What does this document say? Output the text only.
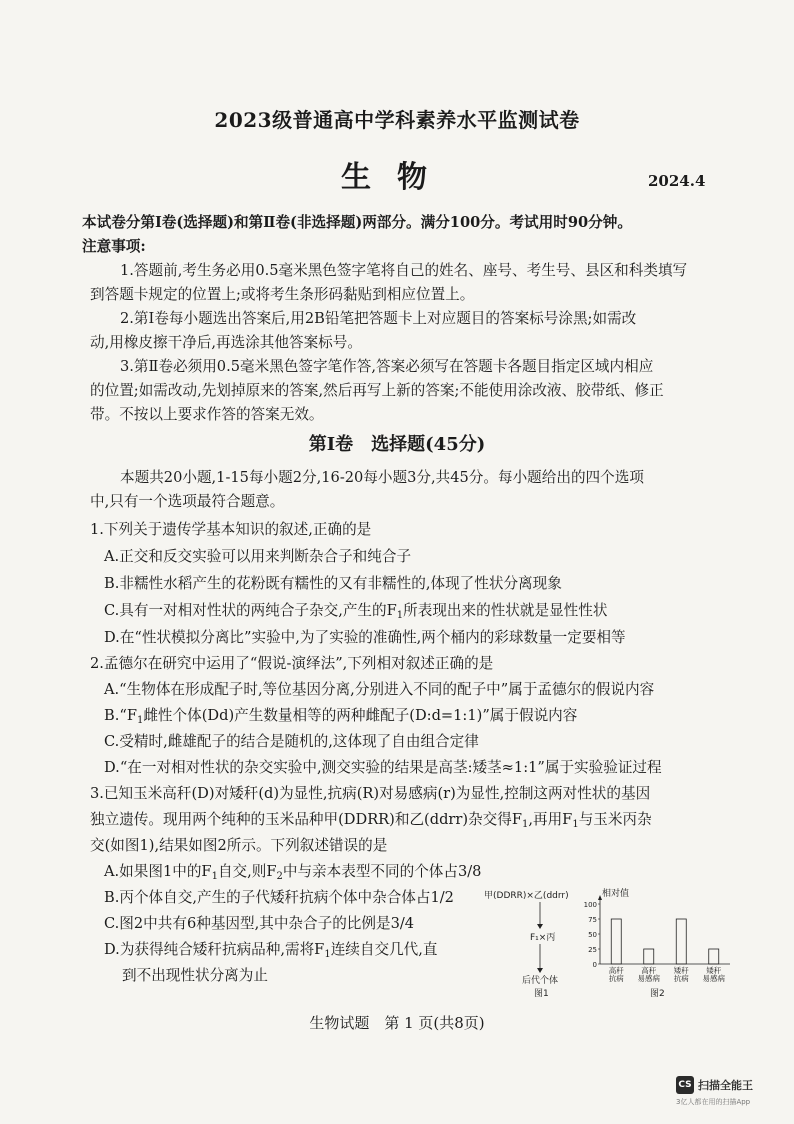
2023级普通高中学科素养水平监测试卷
生物	2024.4
本试卷分第Ⅰ卷(选择题)和第Ⅱ卷(非选择题)两部分。满分100分。考试用时90分钟。
注意事项:
1.答题前,考生务必用0.5毫米黑色签字笔将自己的姓名、座号、考生号、县区和科类填写
到答题卡规定的位置上;或将考生条形码黏贴到相应位置上。
2.第Ⅰ卷每小题选出答案后,用2B铅笔把答题卡上对应题目的答案标号涂黑;如需改
动,用橡皮擦干净后,再选涂其他答案标号。
3.第Ⅱ卷必须用0.5毫米黑色签字笔作答,答案必须写在答题卡各题目指定区域内相应
的位置;如需改动,先划掉原来的答案,然后再写上新的答案;不能使用涂改液、胶带纸、修正
带。不按以上要求作答的答案无效。
第Ⅰ卷　选择题(45分)
本题共20小题,1-15每小题2分,16-20每小题3分,共45分。每小题给出的四个选项
中,只有一个选项最符合题意。
1.下列关于遗传学基本知识的叙述,正确的是
A.正交和反交实验可以用来判断杂合子和纯合子
B.非糯性水稻产生的花粉既有糯性的又有非糯性的,体现了性状分离现象
C.具有一对相对性状的两纯合子杂交,产生的$F_1$所表现出来的性状就是显性性状
D.在“性状模拟分离比”实验中,为了实验的准确性,两个桶内的彩球数量一定要相等
2.孟德尔在研究中运用了“假说-演绎法”,下列相对叙述正确的是
A.“生物体在形成配子时,等位基因分离,分别进入不同的配子中”属于孟德尔的假说内容
$B.“F_1$雌性个体(Dd)产生数量相等的两种雌配子(D:d=1:1)”属于假说内容
C.受精时,雌雄配子的结合是随机的,这体现了自由组合定律
D.“在一对相对性状的杂交实验中,测交实验的结果是高茎:矮茎≈1:1”属于实验验证过程
3.已知玉米高秆(D)对矮秆(d)为显性,抗病(R)对易感病(r)为显性,控制这两对性状的基因
独立遗传。现用两个纯种的玉米品种甲(DDRR)和乙(ddrr)杂交得$F_1$,再用$F_1$与玉米丙杂
交(如图1),结果如图2所示。下列叙述错误的是
A.如果图1中的$F_1$自交,则$F_2$中与亲本表型不同的个体占3/8
B.丙个体自交,产生的子代矮秆抗病个体中杂合体占1/2
C.图2中共有6种基因型,其中杂合子的比例是3/4
D.为获得纯合矮秆抗病品种,需将$F_1$连续自交几代,直
到不出现性状分离为止
甲(DDRR)×乙(ddrr)
F₁×丙
后代个体
图1
相对值
0
25
50
75
100
高秆
抗病
高秆
易感病
矮秆
抗病
矮秆
易感病
图2
生物试题　第 1 页(共8页)
CS 扫描全能王
3亿人都在用的扫描App
